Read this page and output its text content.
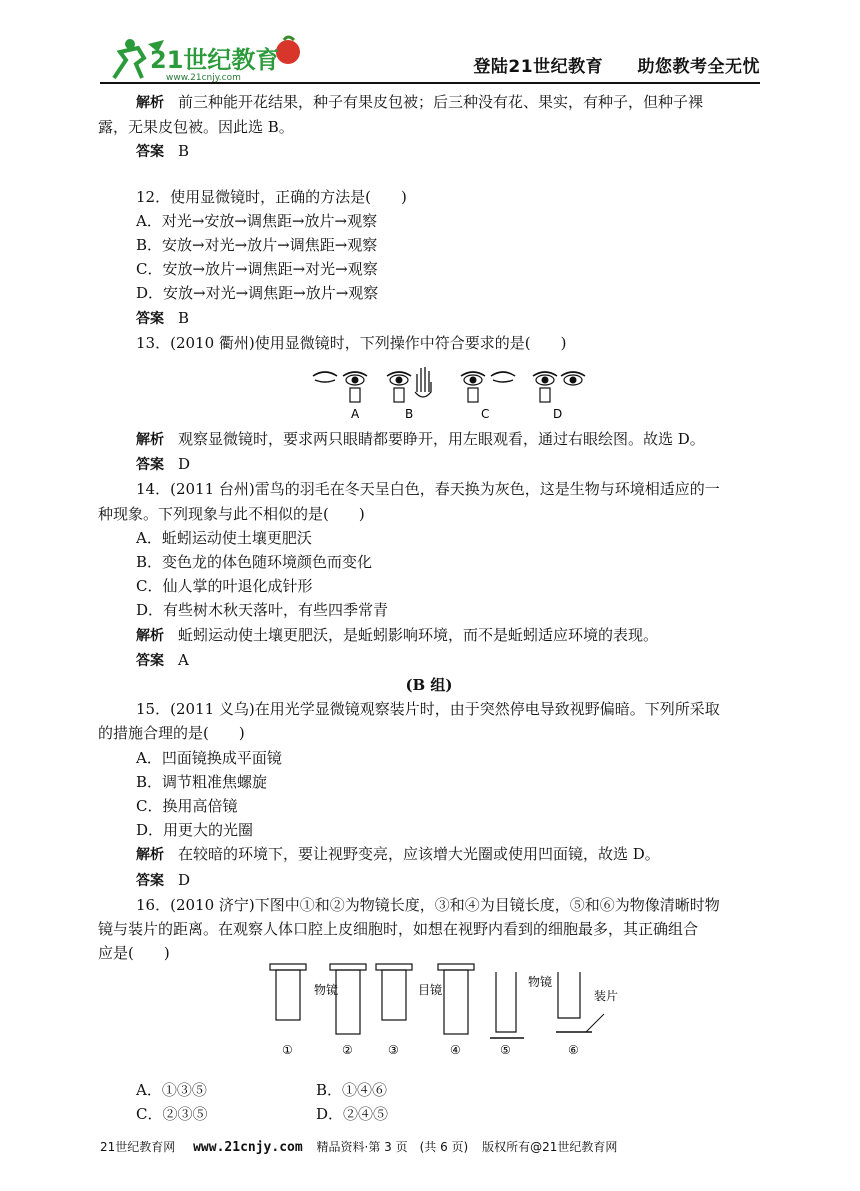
21世纪教育
www.21cnjy.com
登陆21世纪教育 助您教考全无忧

解析 前三种能开花结果，种子有果皮包被；后三种没有花、果实，有种子，但种子裸

露，无果皮包被。因此选 B。

答案 B

12．使用显微镜时，正确的方法是(　　)

A．对光→安放→调焦距→放片→观察

B．安放→对光→放片→调焦距→观察

C．安放→放片→调焦距→对光→观察

D．安放→对光→调焦距→放片→观察

答案 B

13．(2010 衢州)使用显微镜时，下列操作中符合要求的是(　　)

解析 观察显微镜时，要求两只眼睛都要睁开，用左眼观看，通过右眼绘图。故选 D。

答案 D

14．(2011 台州)雷鸟的羽毛在冬天呈白色，春天换为灰色，这是生物与环境相适应的一

种现象。下列现象与此不相似的是(　　)

A．蚯蚓运动使土壤更肥沃

B．变色龙的体色随环境颜色而变化

C．仙人掌的叶退化成针形

D．有些树木秋天落叶，有些四季常青

解析 蚯蚓运动使土壤更肥沃，是蚯蚓影响环境，而不是蚯蚓适应环境的表现。

答案 A

(B 组)

15．(2011 义乌)在用光学显微镜观察装片时，由于突然停电导致视野偏暗。下列所采取

的措施合理的是(　　)

A．凹面镜换成平面镜

B．调节粗准焦螺旋

C．换用高倍镜

D．用更大的光圈

解析 在较暗的环境下，要让视野变亮，应该增大光圈或使用凹面镜，故选 D。

答案 D

16．(2010 济宁)下图中①和②为物镜长度，③和④为目镜长度，⑤和⑥为物像清晰时物

镜与装片的距离。在观察人体口腔上皮细胞时，如想在视野内看到的细胞最多，其正确组合

应是(　　)

A．①③⑤	B．①④⑥
C．②③⑤	D．②④⑤
A	B	C	D
物镜	目镜
物镜
装片
①	②	③	④	⑤	⑥
21世纪教育网 www.21cnjy.com 精品资料·第 3 页　(共 6 页) 版权所有@21世纪教育网
